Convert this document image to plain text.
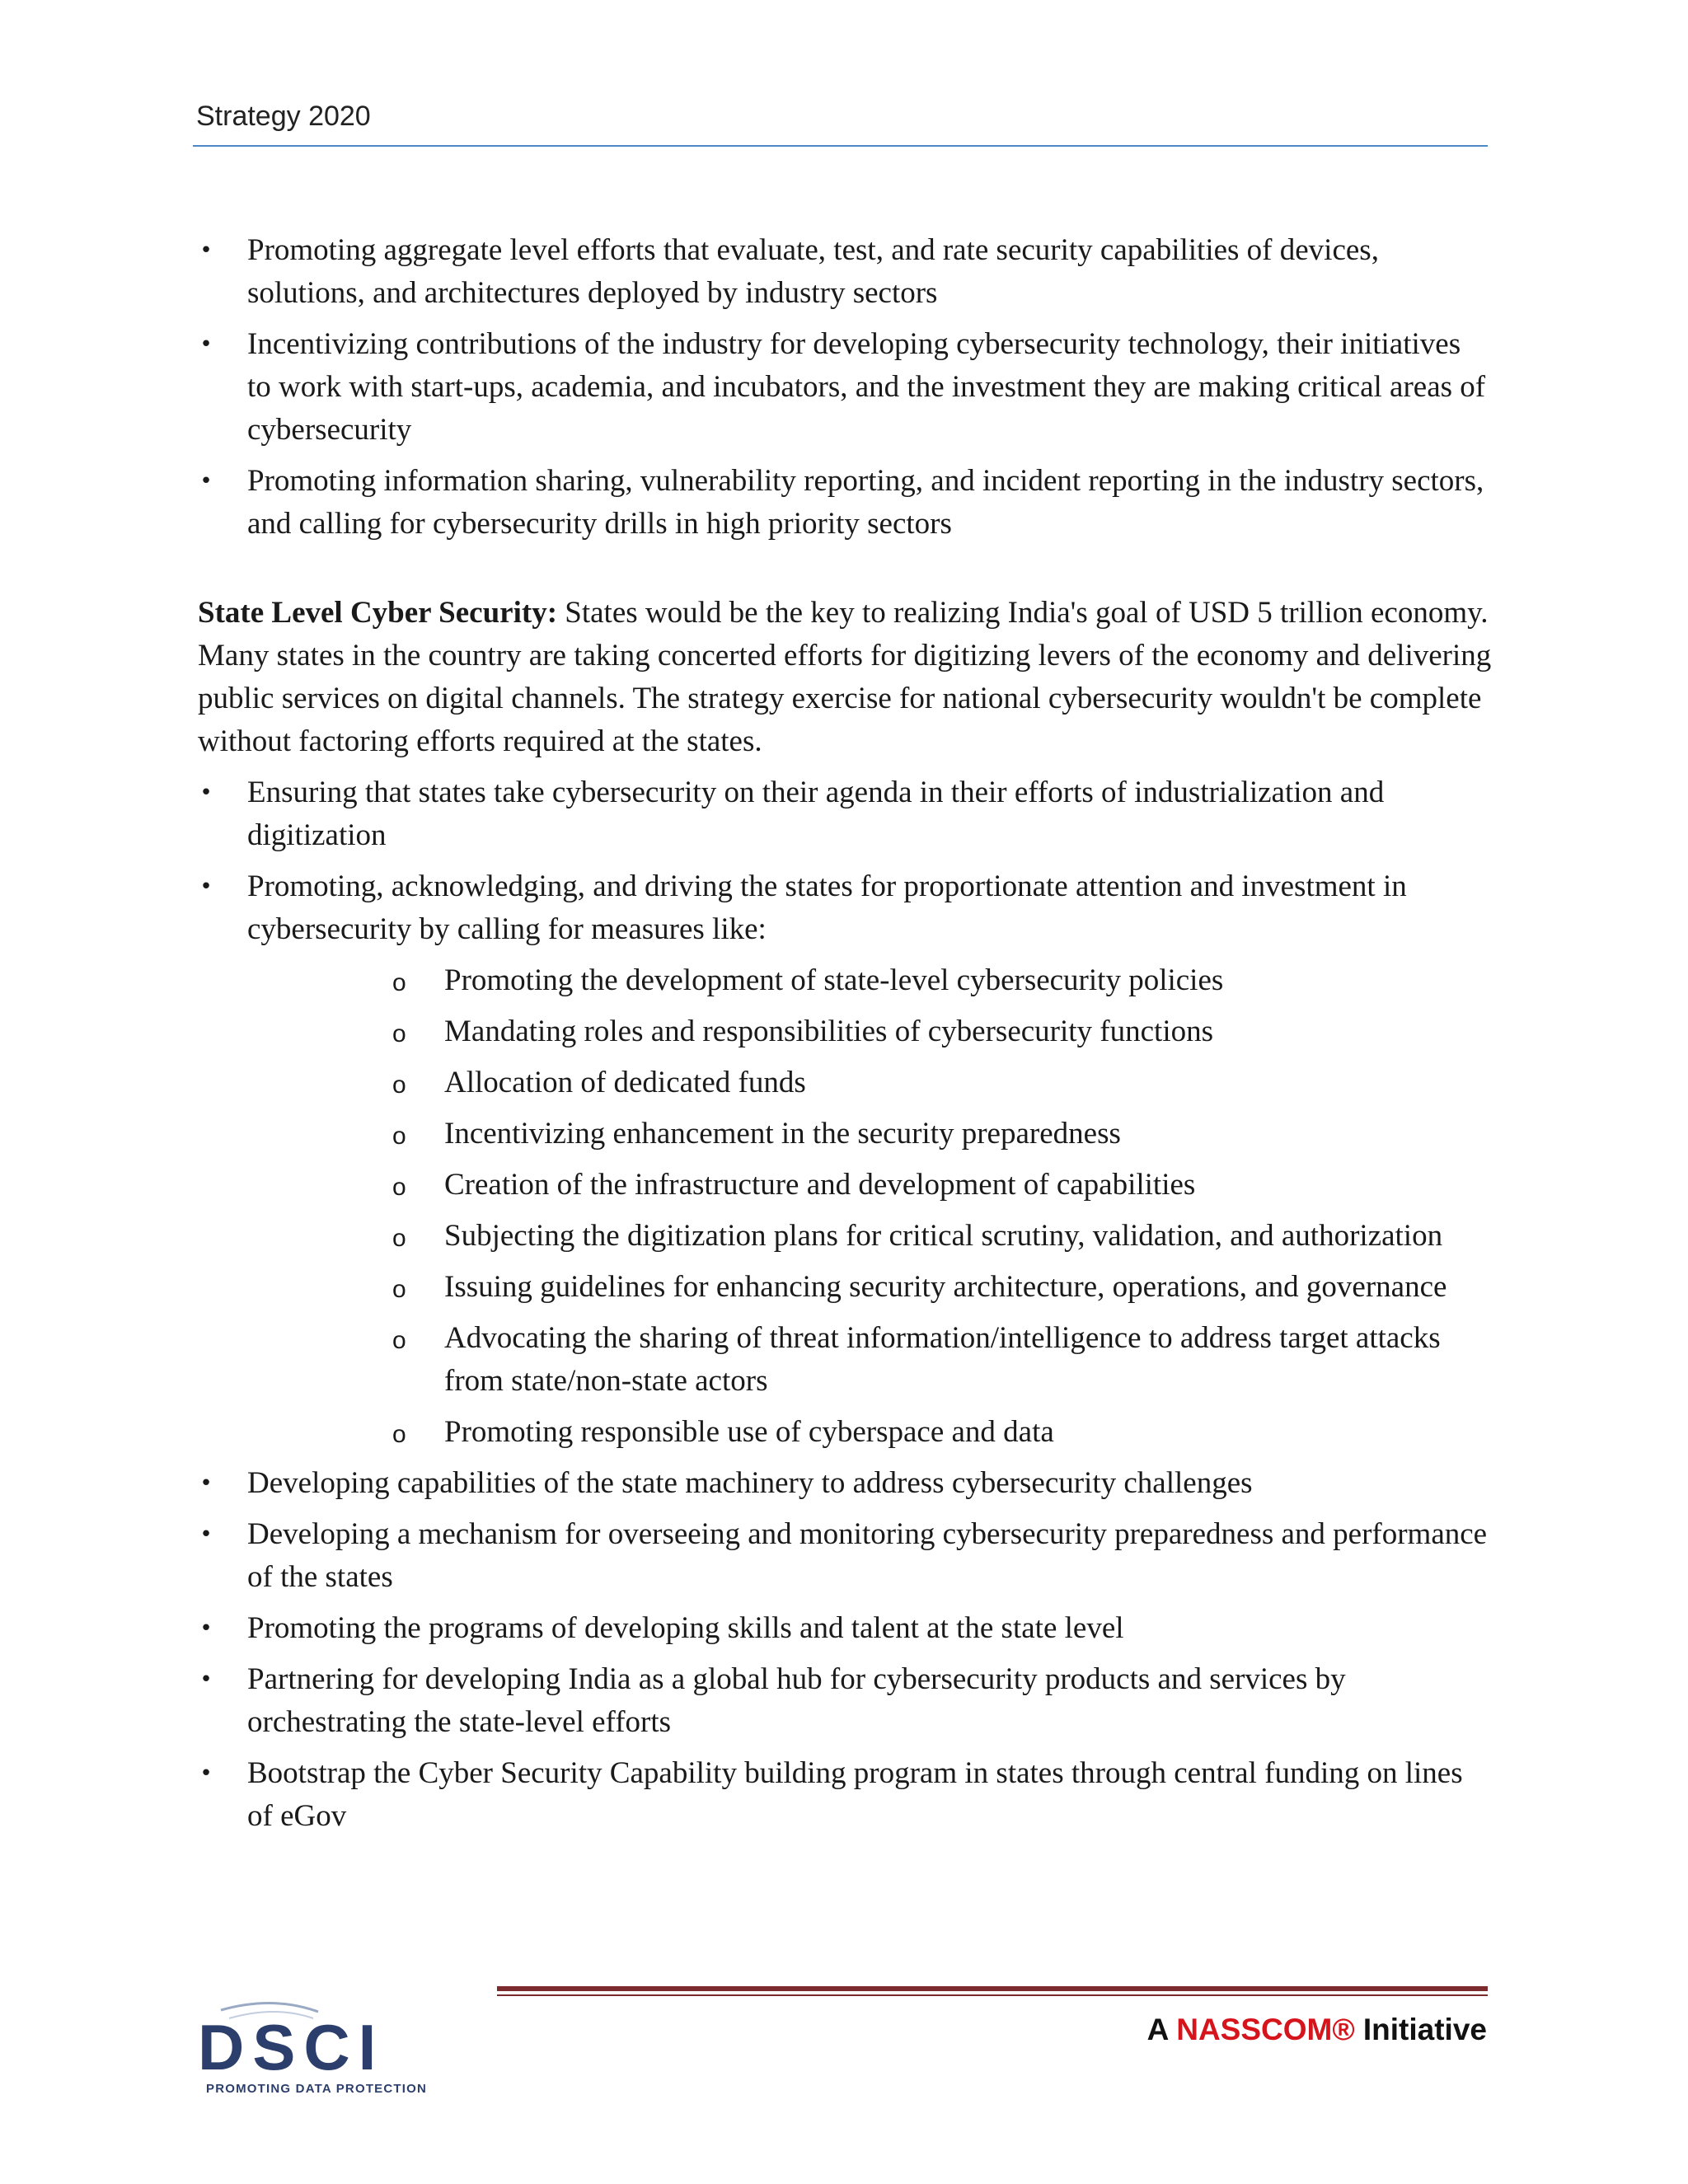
Strategy 2020
• Promoting aggregate level efforts that evaluate, test, and rate security capabilities of devices, solutions, and architectures deployed by industry sectors
• Incentivizing contributions of the industry for developing cybersecurity technology, their initiatives to work with start-ups, academia, and incubators, and the investment they are making critical areas of cybersecurity
• Promoting information sharing, vulnerability reporting, and incident reporting in the industry sectors, and calling for cybersecurity drills in high priority sectors

State Level Cyber Security: States would be the key to realizing India's goal of USD 5 trillion economy. Many states in the country are taking concerted efforts for digitizing levers of the economy and delivering public services on digital channels. The strategy exercise for national cybersecurity wouldn't be complete without factoring efforts required at the states.

• Ensuring that states take cybersecurity on their agenda in their efforts of industrialization and digitization
• Promoting, acknowledging, and driving the states for proportionate attention and investment in cybersecurity by calling for measures like:
o Promoting the development of state-level cybersecurity policies
o Mandating roles and responsibilities of cybersecurity functions
o Allocation of dedicated funds
o Incentivizing enhancement in the security preparedness
o Creation of the infrastructure and development of capabilities
o Subjecting the digitization plans for critical scrutiny, validation, and authorization
o Issuing guidelines for enhancing security architecture, operations, and governance
o Advocating the sharing of threat information/intelligence to address target attacks from state/non-state actors
o Promoting responsible use of cyberspace and data
• Developing capabilities of the state machinery to address cybersecurity challenges
• Developing a mechanism for overseeing and monitoring cybersecurity preparedness and performance of the states
• Promoting the programs of developing skills and talent at the state level
• Partnering for developing India as a global hub for cybersecurity products and services by orchestrating the state-level efforts
• Bootstrap the Cyber Security Capability building program in states through central funding on lines of eGov
DSCI
PROMOTING DATA PROTECTION
A NASSCOM® Initiative
